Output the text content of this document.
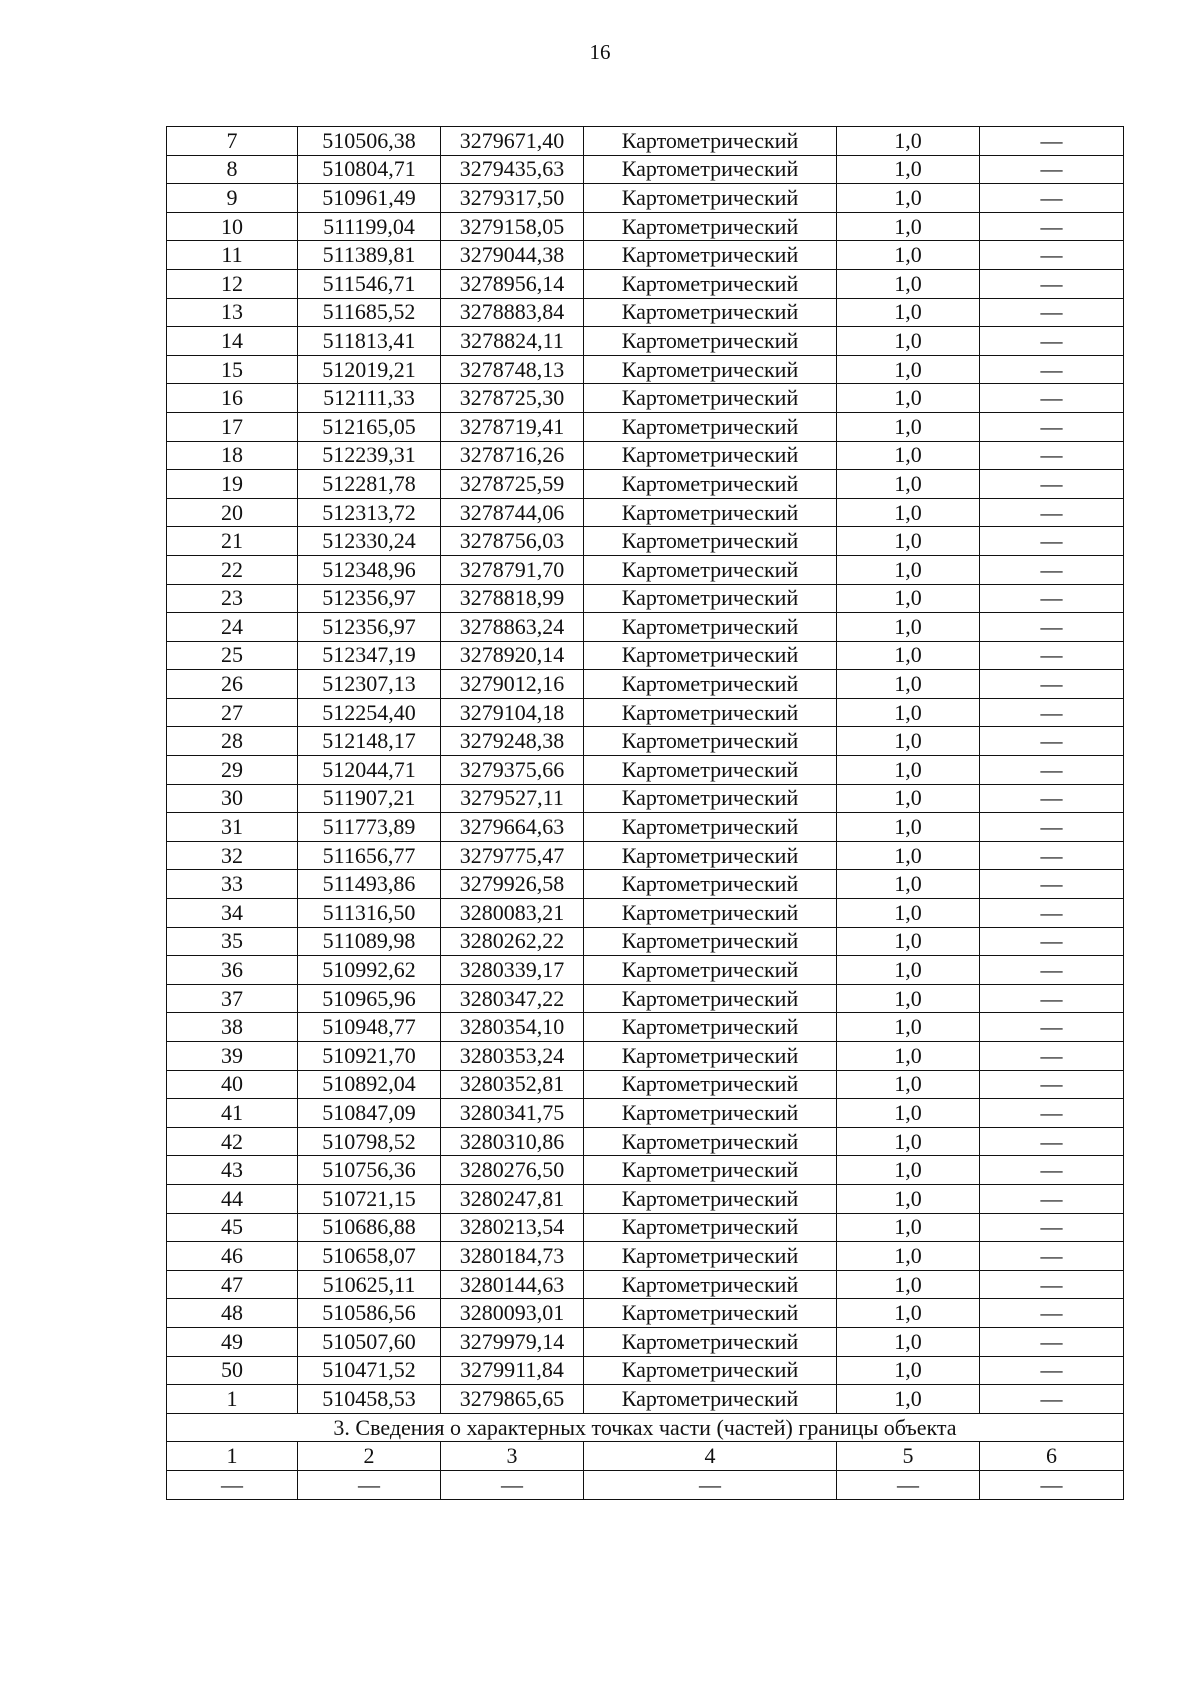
16
7	510506,38	3279671,40	Картометрический	1,0	—
8	510804,71	3279435,63	Картометрический	1,0	—
9	510961,49	3279317,50	Картометрический	1,0	—
10	511199,04	3279158,05	Картометрический	1,0	—
11	511389,81	3279044,38	Картометрический	1,0	—
12	511546,71	3278956,14	Картометрический	1,0	—
13	511685,52	3278883,84	Картометрический	1,0	—
14	511813,41	3278824,11	Картометрический	1,0	—
15	512019,21	3278748,13	Картометрический	1,0	—
16	512111,33	3278725,30	Картометрический	1,0	—
17	512165,05	3278719,41	Картометрический	1,0	—
18	512239,31	3278716,26	Картометрический	1,0	—
19	512281,78	3278725,59	Картометрический	1,0	—
20	512313,72	3278744,06	Картометрический	1,0	—
21	512330,24	3278756,03	Картометрический	1,0	—
22	512348,96	3278791,70	Картометрический	1,0	—
23	512356,97	3278818,99	Картометрический	1,0	—
24	512356,97	3278863,24	Картометрический	1,0	—
25	512347,19	3278920,14	Картометрический	1,0	—
26	512307,13	3279012,16	Картометрический	1,0	—
27	512254,40	3279104,18	Картометрический	1,0	—
28	512148,17	3279248,38	Картометрический	1,0	—
29	512044,71	3279375,66	Картометрический	1,0	—
30	511907,21	3279527,11	Картометрический	1,0	—
31	511773,89	3279664,63	Картометрический	1,0	—
32	511656,77	3279775,47	Картометрический	1,0	—
33	511493,86	3279926,58	Картометрический	1,0	—
34	511316,50	3280083,21	Картометрический	1,0	—
35	511089,98	3280262,22	Картометрический	1,0	—
36	510992,62	3280339,17	Картометрический	1,0	—
37	510965,96	3280347,22	Картометрический	1,0	—
38	510948,77	3280354,10	Картометрический	1,0	—
39	510921,70	3280353,24	Картометрический	1,0	—
40	510892,04	3280352,81	Картометрический	1,0	—
41	510847,09	3280341,75	Картометрический	1,0	—
42	510798,52	3280310,86	Картометрический	1,0	—
43	510756,36	3280276,50	Картометрический	1,0	—
44	510721,15	3280247,81	Картометрический	1,0	—
45	510686,88	3280213,54	Картометрический	1,0	—
46	510658,07	3280184,73	Картометрический	1,0	—
47	510625,11	3280144,63	Картометрический	1,0	—
48	510586,56	3280093,01	Картометрический	1,0	—
49	510507,60	3279979,14	Картометрический	1,0	—
50	510471,52	3279911,84	Картометрический	1,0	—
1	510458,53	3279865,65	Картометрический	1,0	—
3. Сведения о характерных точках части (частей) границы объекта					
1	2	3	4	5	6
—	—	—	—	—	—
